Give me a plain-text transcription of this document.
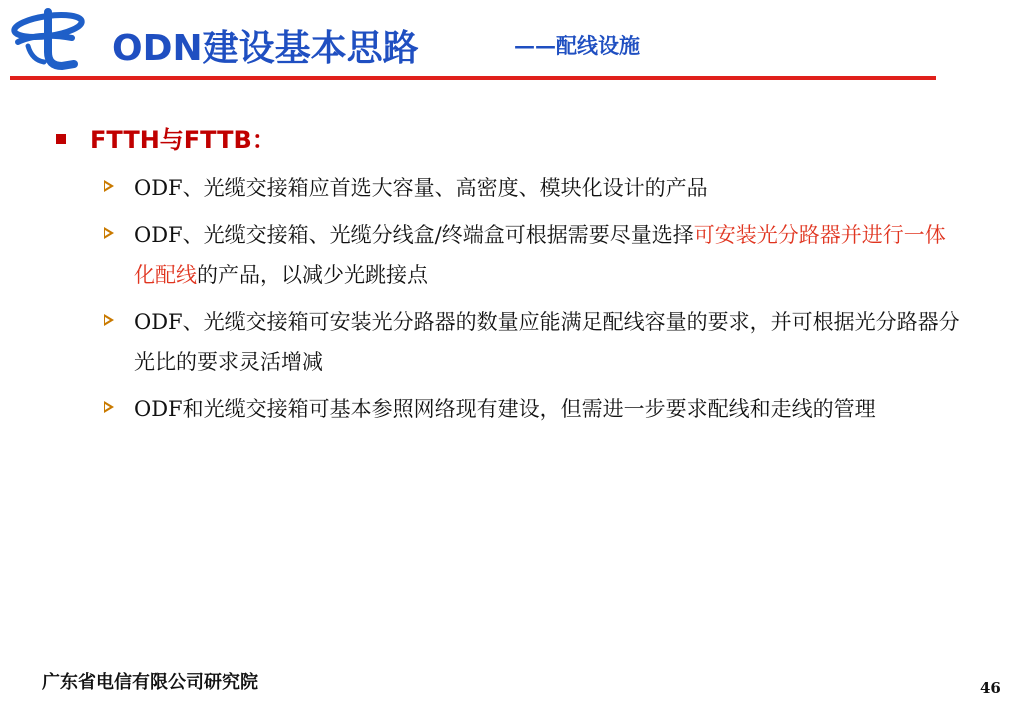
ODN建设基本思路	——配线设施
FTTH与FTTB：
ODF、光缆交接箱应首选大容量、高密度、模块化设计的产品
ODF、光缆交接箱、光缆分线盒/终端盒可根据需要尽量选择可安装光分路器并进行一体化配线的产品，以减少光跳接点
ODF、光缆交接箱可安装光分路器的数量应能满足配线容量的要求，并可根据光分路器分光比的要求灵活增减
ODF和光缆交接箱可基本参照网络现有建设，但需进一步要求配线和走线的管理
广东省电信有限公司研究院	46
